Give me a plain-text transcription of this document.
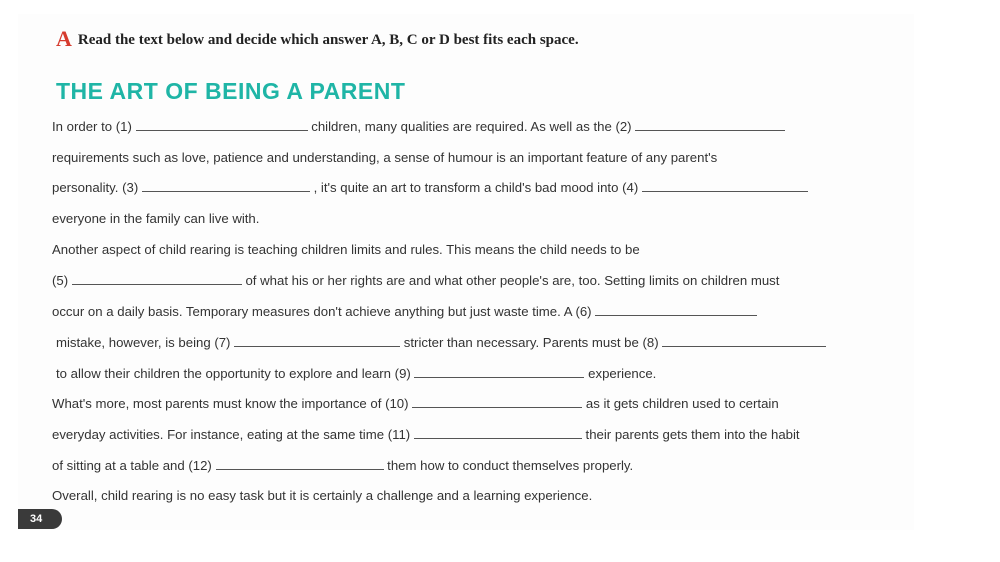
A Read the text below and decide which answer A, B, C or D best fits each space.
THE ART OF BEING A PARENT
In order to (1)	children, many qualities are required. As well as the (2)
requirements such as love, patience and understanding, a sense of humour is an important feature of any parent's
personality. (3)	, it's quite an art to transform a child's bad mood into (4)
everyone in the family can live with.
Another aspect of child rearing is teaching children limits and rules. This means the child needs to be
(5)	of what his or her rights are and what other people's are, too. Setting limits on children must
occur on a daily basis. Temporary measures don't achieve anything but just waste time. A (6)
mistake, however, is being (7)	stricter than necessary. Parents must be (8)
to allow their children the opportunity to explore and learn (9)	experience.
What's more, most parents must know the importance of (10)	as it gets children used to certain
everyday activities. For instance, eating at the same time (11)	their parents gets them into the habit
of sitting at a table and (12)	them how to conduct themselves properly.
Overall, child rearing is no easy task but it is certainly a challenge and a learning experience.
34
